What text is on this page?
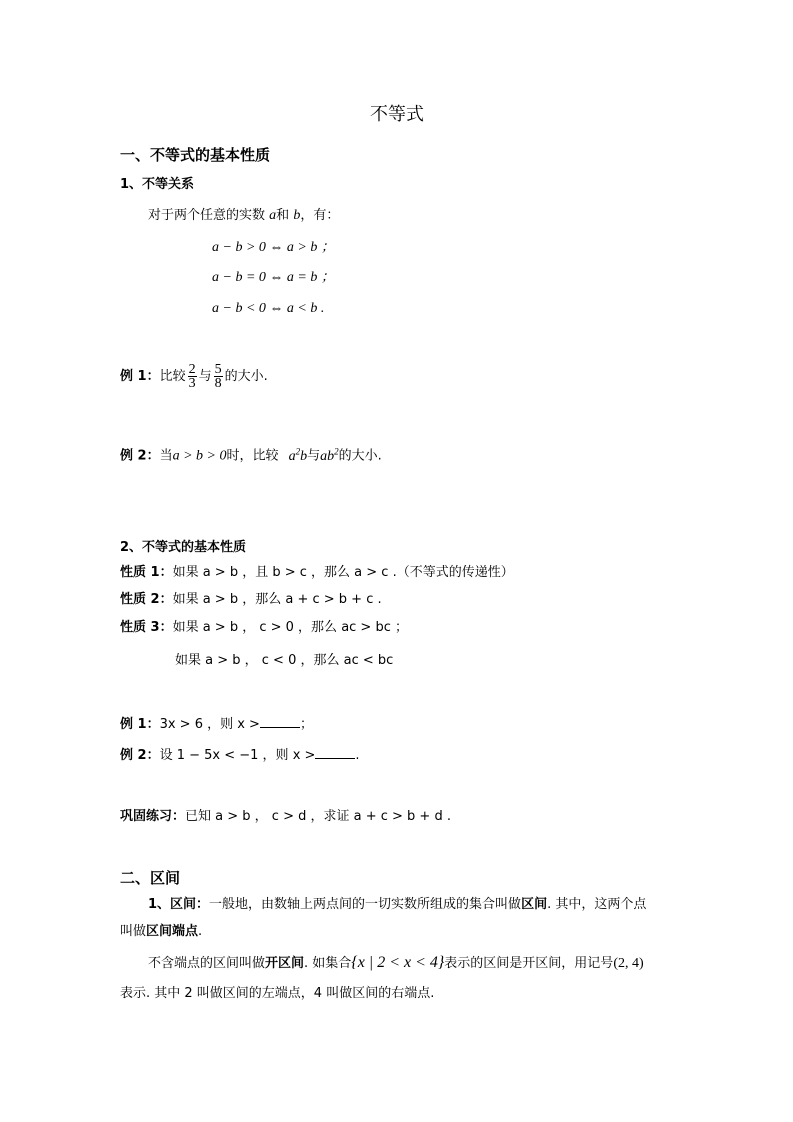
不等式
一、不等式的基本性质
1、不等关系
对于两个任意的实数 a和 b，有：
a − b > 0 ⇔ a > b ；
a − b = 0 ⇔ a = b ；
a − b < 0 ⇔ a < b .
例 1：比较 $\frac{2}{3}$ 与 $\frac{5}{8}$ 的大小.
例 2：当a > b > 0时，比较 $a^2b$与$ab^2$的大小.
2、不等式的基本性质
性质 1：如果 a > b ，且 b > c ，那么 a > c .（不等式的传递性）
性质 2：如果 a > b ，那么 a + c > b + c .
性质 3：如果 a > b ， c > 0 ，那么 ac > bc ；
如果 a > b ， c < 0 ，那么 ac < bc
例 1：3x > 6 ，则 x >	；
例 2：设 1 − 5x < −1 ，则 x >	.
巩固练习：已知 a > b ， c > d ，求证 a + c > b + d .
二、区间
1、区间：一般地，由数轴上两点间的一切实数所组成的集合叫做区间. 其中，这两个点
叫做区间端点.
不含端点的区间叫做开区间. 如集合{x | 2 < x < 4}表示的区间是开区间，用记号(2, 4)
表示. 其中 2 叫做区间的左端点，4 叫做区间的右端点.
